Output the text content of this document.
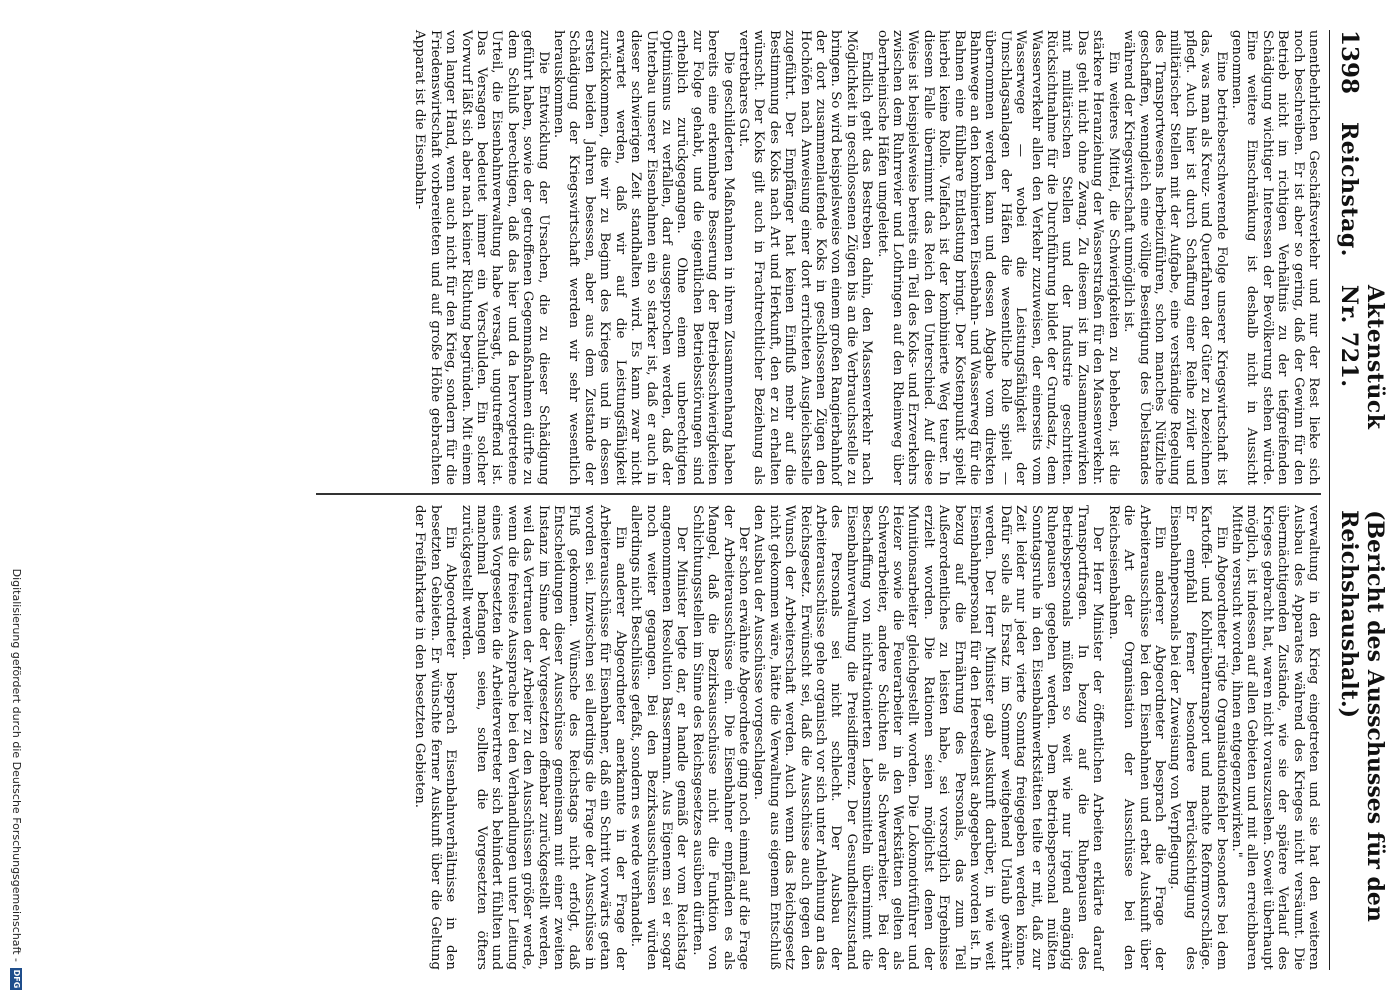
1398
Reichstag.
Aktenstück Nr. 721.
(Bericht des Ausschusses für den Reichshaushalt.)

unentbehrlichen Geschäftsverkehr und nur der Rest lieke sich noch beschreiben. Er ist aber so gering, daß der Gewinn für den Betrieb nicht im richtigen Verhältnis zu der tiefgreifenden Schädigung wichtiger Interessen der Bevölkerung stehen würde. Eine weitere Einschränkung ist deshalb nicht in Aussicht genommen.

Eine betriebserschwerende Folge unserer Kriegswirtschaft ist das, was man als Kreuz- und Querfahren der Güter zu bezeichnen pflegt. Auch hier ist durch Schaffung einer Reihe ziviler und militärischer Stellen mit der Aufgabe, eine verständige Regelung des Transportwesens herbeizuführen, schon manches Nützliche geschaffen, wenngleich eine völlige Beseitigung des Übelstandes während der Kriegswirtschaft unmöglich ist.

Ein weiteres Mittel, die Schwierigkeiten zu beheben, ist die stärkere Heranziehung der Wasserstraßen für den Massenverkehr. Das geht nicht ohne Zwang. Zu diesem ist im Zusammenwirken mit militärischen Stellen und der Industrie geschritten. Rücksichtnahme für die Durchführung bildet der Grundsatz, dem Wasserverkehr allen den Verkehr zuzuweisen, der einerseits vom Wasserwege — wobei die Leistungsfähigkeit der Umschlagsanlagen der Häfen die wesentliche Rolle spielt — übernommen werden kann und dessen Abgabe vom direkten Bahnwege an den kombinierten Eisenbahn- und Wasserweg für die Bahnen eine fühlbare Entlastung bringt. Der Kostenpunkt spielt hierbei keine Rolle. Vielfach ist der kombinierte Weg teurer. In diesem Falle übernimmt das Reich den Unterschied. Auf diese Weise ist beispielsweise bereits ein Teil des Koks- und Erzverkehrs zwischen dem Ruhrrevier und Lothringen auf den Rheinweg über oberrheinische Häfen umgeleitet.

Endlich geht das Bestreben dahin, den Massenverkehr nach Möglichkeit in geschlossenen Zügen bis an die Verbrauchsstelle zu bringen. So wird beispielsweise von einem großen Rangierbahnhof der dort zusammenlaufende Koks in geschlossenen Zügen den Hochöfen nach Anweisung einer dort errichteten Ausgleichsstelle zugeführt. Der Empfänger hat keinen Einfluß mehr auf die Bestimmung des Koks nach Art und Herkunft, den er zu erhalten wünscht. Der Koks gilt auch in Frachtrechtlicher Beziehung als vertretbares Gut.

Die geschilderten Maßnahmen in ihrem Zusammenhang haben bereits eine erkennbare Besserung der Betriebsschwierigkeiten zur Folge gehabt, und die eigentlichen Betriebsstörungen sind erheblich zurückgegangen. Ohne einem unberechtigten Optimismus zu verfallen, darf ausgesprochen werden, daß der Unterbau unserer Eisenbahnen ein so starker ist, daß er auch in dieser schwierigen Zeit standhalten wird. Es kann zwar nicht erwartet werden, daß wir auf die Leistungsfähigkeit zurückkommen, die wir zu Beginn des Krieges und in dessen ersten beiden Jahren besessen, aber aus dem Zustande der Schädigung der Kriegswirtschaft werden wir sehr wesentlich herauskommen.

Die Entwicklung der Ursachen, die zu dieser Schädigung geführt haben, sowie der getroffenen Gegenmaßnahmen dürfte zu dem Schluß berechtigen, daß das hier und da hervorgetretene Urteil, die Eisenbahnverwaltung habe versagt, ungutreffend ist. Das Versagen bedeutet immer ein Verschulden. Ein solcher Vorwurf läßt sich aber nach keiner Richtung begründen. Mit einem von langer Hand, wenn auch nicht für den Krieg, sondern für die Friedenswirtschaft vorbereiteten und auf große Höhe gebrachten Apparat ist die Eisenbahn-

verwaltung in den Krieg eingetreten und sie hat den weiteren Ausbau des Apparates während des Krieges nicht versäumt. Die übermächtigenden Zustände, wie sie der spätere Verlauf des Krieges gebracht hat, waren nicht vorauszusehen. Soweit überhaupt möglich, ist indessen auf allen Gebieten und mit allen erreichbaren Mitteln versucht worden, ihnen entgegenzuwirken."

Ein Abgeordneter rügte Organisationsfehler besonders bei dem Kartoffel- und Kohlrübentransport und machte Reformvorschläge. Er empfahl ferner besondere Berücksichtigung des Eisenbahnpersonals bei der Zuweisung von Verpflegung.

Ein anderer Abgeordneter besprach die Frage der Arbeiterausschüsse bei den Eisenbahnen und erbat Auskunft über die Art der Organisation der Ausschüsse bei den Reichseisenbahnen.

Der Herr Minister der öffentlichen Arbeiten erklärte darauf Transportfragen. In bezug auf die Ruhepausen des Betriebspersonals müßten so weit wie nur irgend angängig Ruhepausen gegeben werden. Dem Betriebspersonal müßten Sonntagsruhe in den Eisenbahnwerkstätten teilte er mit, daß zur Zeit leider nur jeder vierte Sonntag freigegeben werden könne. Dafür solle als Ersatz im Sommer weitgehend Urlaub gewährt werden. Der Herr Minister gab Auskunft darüber, in wie weit Eisenbahnpersonal für den Heeresdienst abgegeben worden ist. In bezug auf die Ernährung des Personals, das zum Teil Außerordentliches zu leisten habe, sei vorsorglich Ergebnisse erzielt worden. Die Rationen seien möglichst denen der Munitionsarbeiter gleichgestellt worden. Die Lokomotivführer und Heizer sowie die Feuerarbeiter in den Werkstätten gelten als Schwerarbeiter, andere Schichten als Schwerarbeiter. Bei der Beschaffung von nichtrationierten Lebensmitteln übernimmt die Eisenbahnverwaltung die Preisdifferenz. Der Gesundheitszustand des Personals sei nicht schlecht. Der Ausbau der Arbeiterausschüsse gehe organisch vor sich unter Anlehnung an das Reichsgesetz. Erwünscht sei, daß die Ausschüsse auch gegen den Wunsch der Arbeiterschaft werden. Auch wenn das Reichsgesetz nicht gekommen wäre, hätte die Verwaltung aus eigenem Entschluß den Ausbau der Ausschüsse vorgeschlagen.

Der schon erwähnte Abgeordnete ging noch einmal auf die Frage der Arbeiterausschüsse ein. Die Eisenbahner empfänden es als Mangel, daß die Bezirksausschüsse nicht die Funktion von Schlichtungsstellen im Sinne des Reichsgesetzes ausüben dürften.

Der Minister legte dar, er handle gemäß der vom Reichstag angenommenen Resolution Bassermann. Aus Eigenem sei er sogar noch weiter gegangen. Bei den Bezirksausschüssen würden allerdings nicht Beschlüsse gefaßt, sondern es werde verhandelt.

Ein anderer Abgeordneter anerkannte in der Frage der Arbeiterausschüsse für Eisenbahner, daß ein Schritt vorwärts getan worden sei. Inzwischen sei allerdings die Frage der Ausschüsse in Fluß gekommen. Wünsche des Reichstags nicht erfolgt, daß Entscheidungen dieser Ausschüsse gemeinsam mit einer zweiten Instanz im Sinne der Vorgesetzten offenbar zurückgestellt werden, weil das Vertrauen der Arbeiter zu den Ausschüssen größer werde, wenn die freieste Aussprache bei den Verhandlungen unter Leitung eines Vorgesetzten die Arbeitervertreter sich behindert fühlten und manchmal befangen seien, sollten die Vorgesetzten öfters zurückgestellt werden.

Ein Abgeordneter besprach Eisenbahnverhältnisse in den besetzten Gebieten. Er wünschte ferner Auskunft über die Geltung der Freifahrkarte in den besetzten Gebieten.

Digitalisierung gefördert durch die Deutsche Forschungsgemeinschaft -
DFG
